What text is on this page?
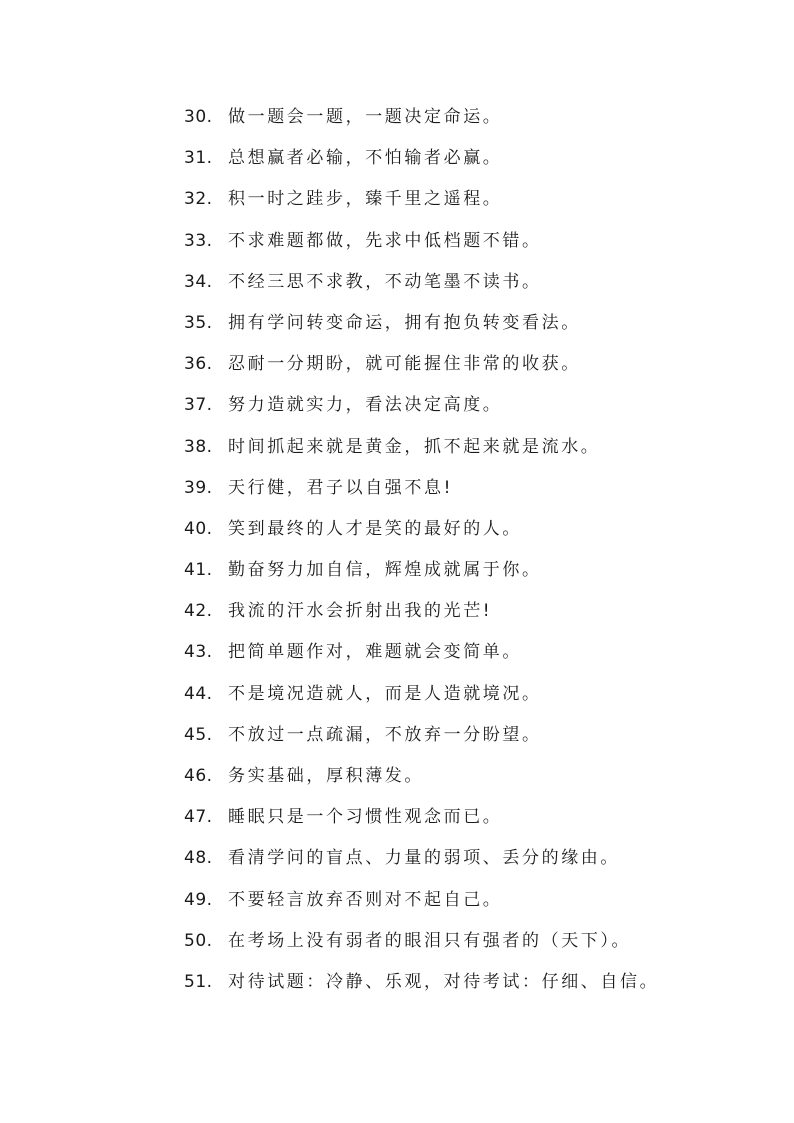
30. 做一题会一题，一题决定命运。
31. 总想赢者必输，不怕输者必赢。
32. 积一时之跬步，臻千里之遥程。
33. 不求难题都做，先求中低档题不错。
34. 不经三思不求教，不动笔墨不读书。
35. 拥有学问转变命运，拥有抱负转变看法。
36. 忍耐一分期盼，就可能握住非常的收获。
37. 努力造就实力，看法决定高度。
38. 时间抓起来就是黄金，抓不起来就是流水。
39. 天行健，君子以自强不息!
40. 笑到最终的人才是笑的最好的人。
41. 勤奋努力加自信，辉煌成就属于你。
42. 我流的汗水会折射出我的光芒!
43. 把简单题作对，难题就会变简单。
44. 不是境况造就人，而是人造就境况。
45. 不放过一点疏漏，不放弃一分盼望。
46. 务实基础，厚积薄发。
47. 睡眠只是一个习惯性观念而已。
48. 看清学问的盲点、力量的弱项、丢分的缘由。
49. 不要轻言放弃否则对不起自己。
50. 在考场上没有弱者的眼泪只有强者的（天下）。
51. 对待试题：冷静、乐观，对待考试：仔细、自信。
